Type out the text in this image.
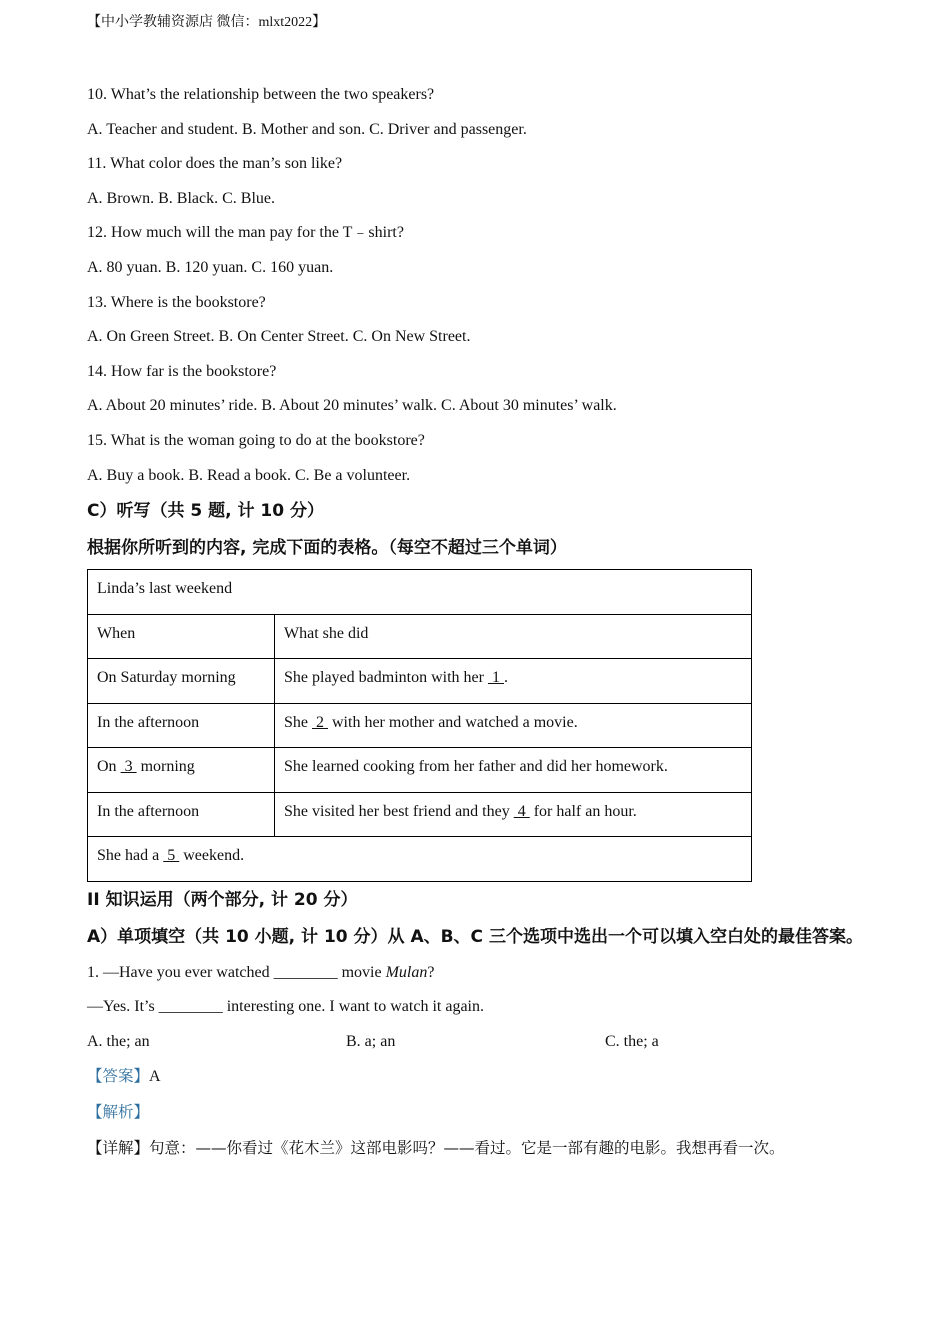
【中小学教辅资源店 微信：mlxt2022】
10. What’s the relationship between the two speakers?
A. Teacher and student. B. Mother and son. C. Driver and passenger.
11. What color does the man’s son like?
A. Brown. B. Black. C. Blue.
12. How much will the man pay for the T﹣shirt?
A. 80 yuan. B. 120 yuan. C. 160 yuan.
13. Where is the bookstore?
A. On Green Street. B. On Center Street. C. On New Street.
14. How far is the bookstore?
A. About 20 minutes’ ride. B. About 20 minutes’ walk. C. About 30 minutes’ walk.
15. What is the woman going to do at the bookstore?
A. Buy a book. B. Read a book. C. Be a volunteer.
C）听写（共 5 题, 计 10 分）
根据你所听到的内容, 完成下面的表格。（每空不超过三个单词）
Linda’s last weekend	
When	What she did
On Saturday morning	She played badminton with her  1 .
In the afternoon	She  2  with her mother and watched a movie.
On  3  morning	She learned cooking from her father and did her homework.
In the afternoon	She visited her best friend and they  4  for half an hour.
She had a  5  weekend.	
II 知识运用（两个部分, 计 20 分）
A）单项填空（共 10 小题, 计 10 分）从 A、B、C 三个选项中选出一个可以填入空白处的最佳答案。
1. —Have you ever watched ________ movie Mulan?
—Yes. It’s ________ interesting one. I want to watch it again.
A. the; an	B. a; an	C. the; a
【答案】A
【解析】
【详解】句意：——你看过《花木兰》这部电影吗？——看过。它是一部有趣的电影。我想再看一次。
